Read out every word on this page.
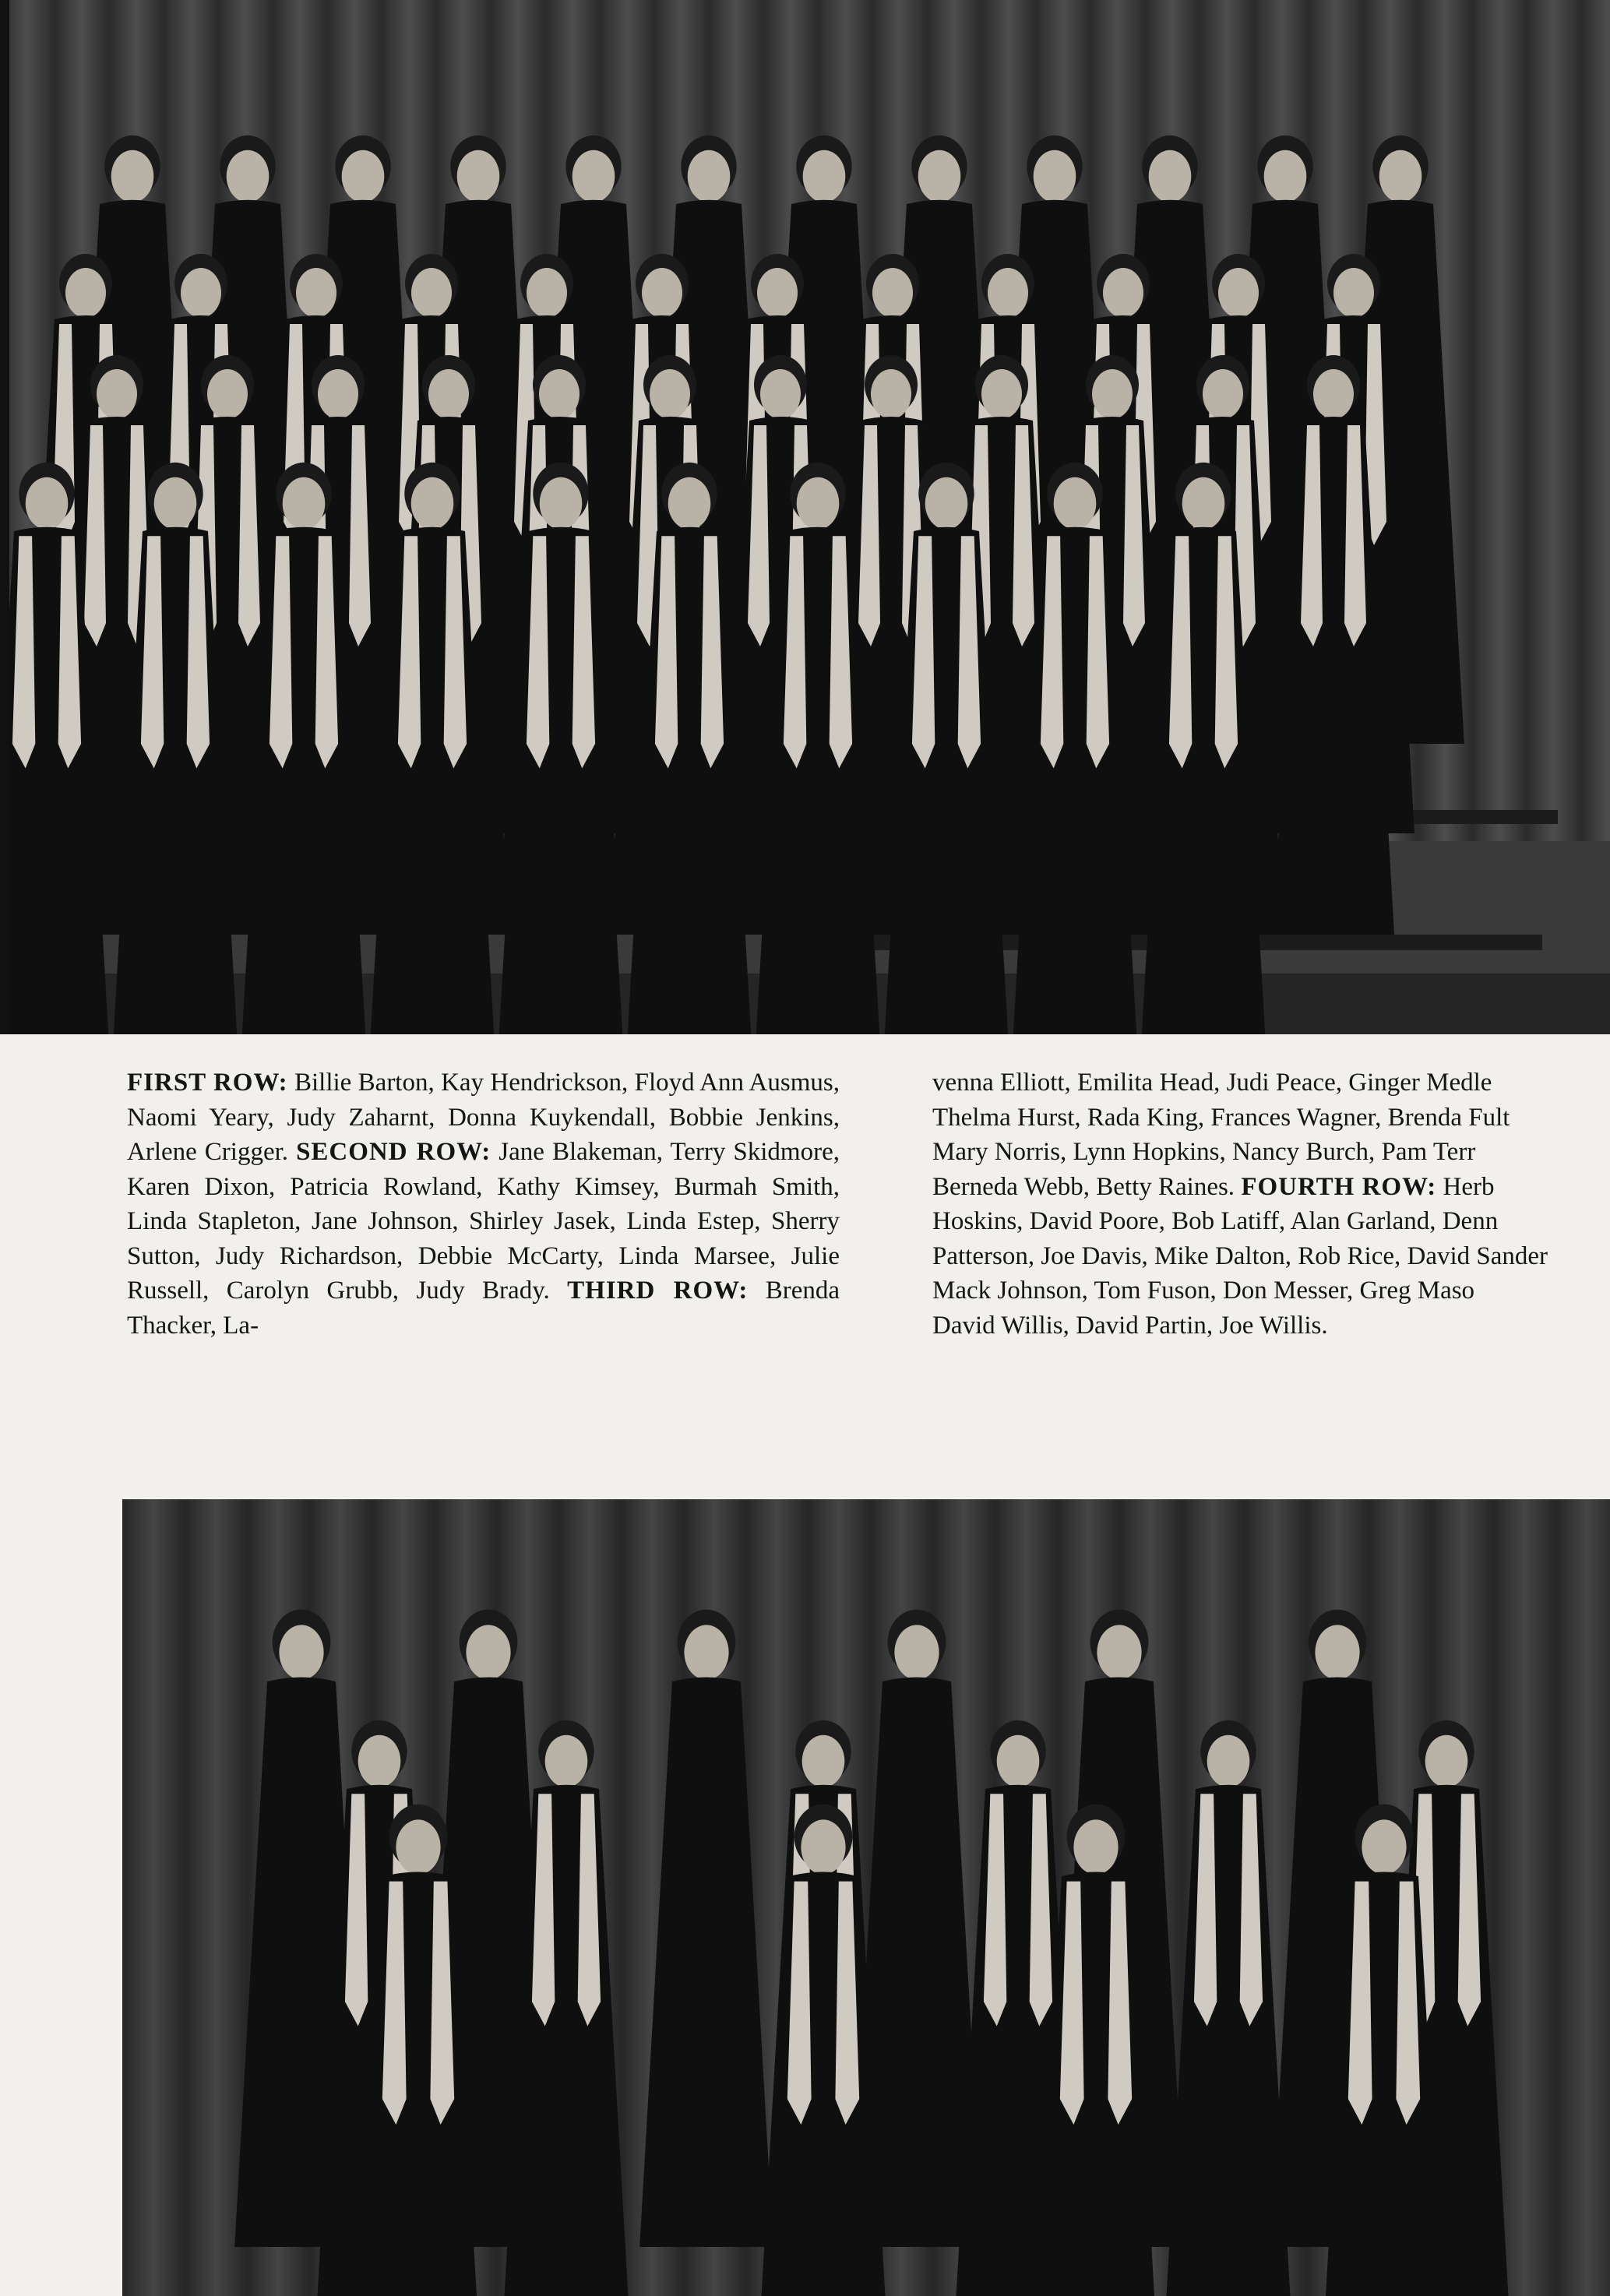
FIRST ROW: Billie Barton, Kay Hendrickson, Floyd Ann Ausmus, Naomi Yeary, Judy Zaharnt, Donna Kuykendall, Bobbie Jenkins, Arlene Crigger. SECOND ROW: Jane Blakeman, Terry Skidmore, Karen Dixon, Patricia Rowland, Kathy Kimsey, Burmah Smith, Linda Stapleton, Jane Johnson, Shirley Jasek, Linda Estep, Sherry Sutton, Judy Richardson, Debbie McCarty, Linda Marsee, Julie Russell, Carolyn Grubb, Judy Brady. THIRD ROW: Brenda Thacker, La-

venna Elliott, Emilita Head, Judi Peace, Ginger Medle
Thelma Hurst, Rada King, Frances Wagner, Brenda Fult
Mary Norris, Lynn Hopkins, Nancy Burch, Pam Terr
Berneda Webb, Betty Raines. FOURTH ROW: Herb
Hoskins, David Poore, Bob Latiff, Alan Garland, Denn
Patterson, Joe Davis, Mike Dalton, Rob Rice, David Sander
Mack Johnson, Tom Fuson, Don Messer, Greg Maso
David Willis, David Partin, Joe Willis.
